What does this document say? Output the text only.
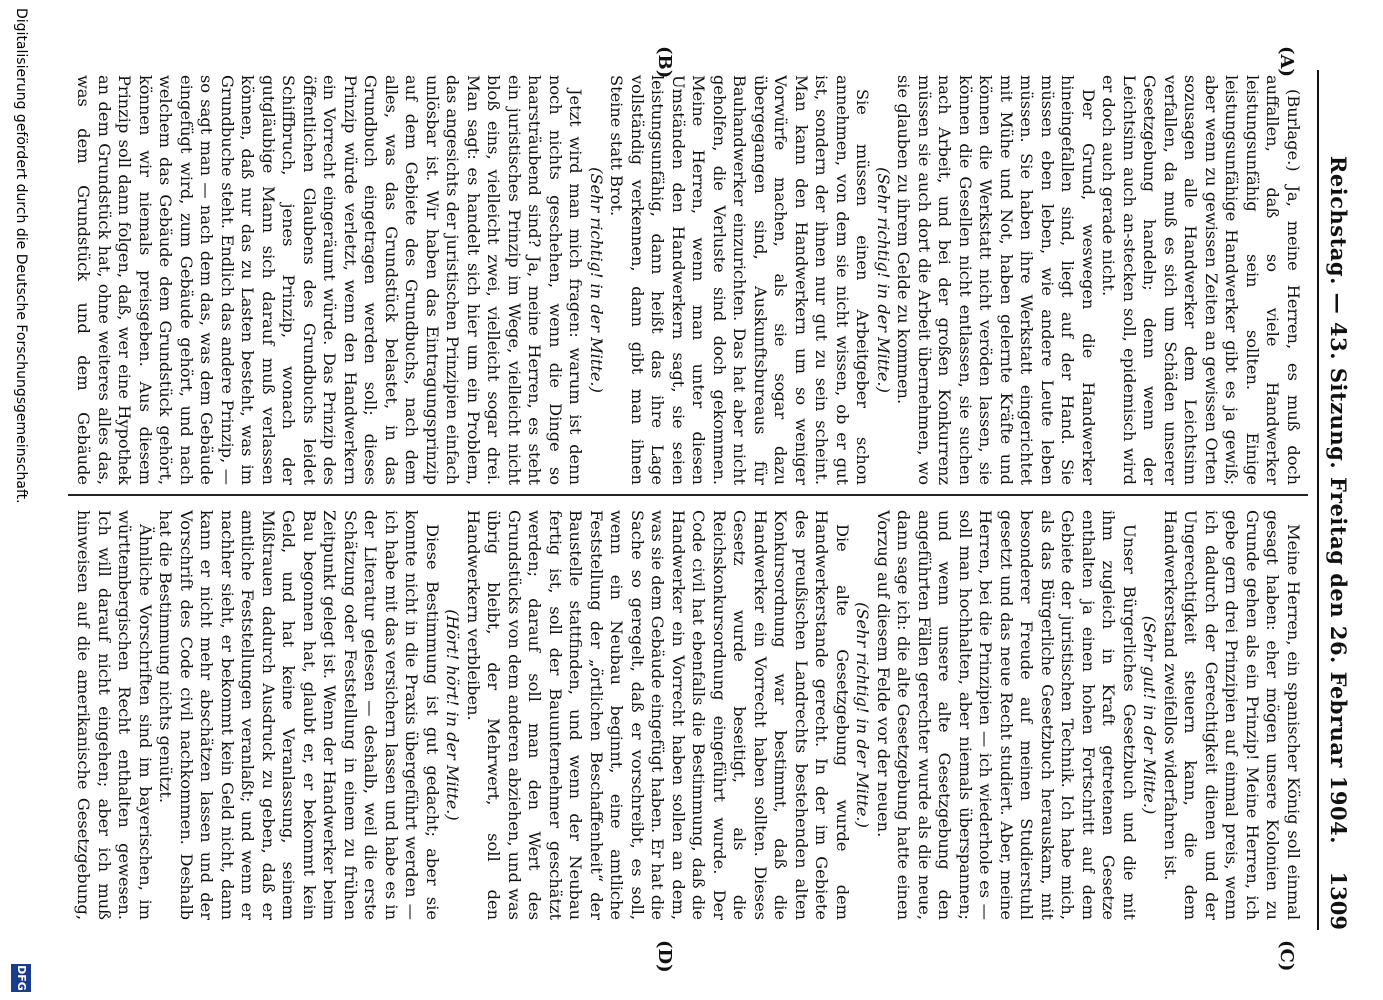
Reichstag. — 43. Sitzung. Freitag den 26. Februar 1904.
1309
(A)
(B)
(C)
(D)

(Burlage.) Ja, meine Herren, es muß doch auffallen, daß so viele Handwerker leistungsunfähig sein sollten. Einige leistungsunfähige Handwerker gibt es ja gewiß; aber wenn zu gewissen Zeiten an gewissen Orten sozusagen alle Handwerker dem Leichtsinn verfallen, da muß es sich um Schäden unserer Gesetzgebung handeln; denn wenn der Leichtsinn auch an-stecken soll, epidemisch wird er doch auch gerade nicht.

Der Grund, weswegen die Handwerker hineingefallen sind, liegt auf der Hand. Sie müssen eben leben, wie andere Leute leben müssen. Sie haben ihre Werkstatt eingerichtet mit Mühe und Not, haben gelernte Kräfte und können die Werkstatt nicht veröden lassen, sie können die Gesellen nicht entlassen, sie suchen nach Arbeit, und bei der großen Konkurrenz müssen sie auch dort die Arbeit übernehmen, wo sie glauben zu ihrem Gelde zu kommen.

(Sehr richtig! in der Mitte.)

Sie müssen einen Arbeitgeber schon annehmen, von dem sie nicht wissen, ob er gut ist, sondern der ihnen nur gut zu sein scheint. Man kann den Handwerkern um so weniger Vorwürfe machen, als sie sogar dazu übergegangen sind, Auskunftsbureaus für Bauhandwerker einzurichten. Das hat aber nicht geholfen, die Verluste sind doch gekommen. Meine Herren, wenn man unter diesen Umständen den Handwerkern sagt, sie seien leistungsunfähig, dann heißt das ihre Lage vollständig verkennen, dann gibt man ihnen Steine statt Brot.

(Sehr richtig! in der Mitte.)

Jetzt wird man mich fragen: warum ist denn noch nichts geschehen, wenn die Dinge so haarsträubend sind? Ja, meine Herren, es steht ein juristisches Prinzip im Wege, vielleicht nicht bloß eins, vielleicht zwei, vielleicht sogar drei. Man sagt: es handelt sich hier um ein Problem, das angesichts der juristischen Prinzipien einfach unlösbar ist. Wir haben das Eintragungsprinzip auf dem Gebiete des Grundbuchs, nach dem alles, was das Grundstück belastet, in das Grundbuch eingetragen werden soll; dieses Prinzip würde verletzt, wenn den Handwerkern ein Vorrecht eingeräumt würde. Das Prinzip des öffentlichen Glaubens des Grundbuchs leidet Schiffbruch, jenes Prinzip, wonach der gutgläubige Mann sich darauf muß verlassen können, daß nur das zu Lasten besteht, was im Grundbuche steht. Endlich das andere Prinzip, — so sagt man — nach dem das, was dem Gebäude eingefügt wird, zum Gebäude gehört, und nach welchem das Gebäude dem Grundstück gehört, können wir niemals preisgeben. Aus diesem Prinzip soll dann folgen, daß, wer eine Hypothek an dem Grundstück hat, ohne weiteres alles das, was dem Grundstück und dem Gebäude

Meine Herren, ein spanischer König soll einmal gesagt haben: eher mögen unsere Kolonien zu Grunde gehen als ein Prinzip! Meine Herren, ich gebe gern drei Prinzipien auf einmal preis, wenn ich dadurch der Gerechtigkeit dienen und der Ungerechtigkeit steuern kann, die dem Handwerkerstand zweifellos widerfahren ist.

(Sehr gut! in der Mitte.)

Unser Bürgerliches Gesetzbuch und die mit ihm zugleich in Kraft getretenen Gesetze enthalten ja einen hohen Fortschritt auf dem Gebiete der juristischen Technik. Ich habe mich, als das Bürgerliche Gesetzbuch herauskam, mit besonderer Freude auf meinen Studierstuhl gesetzt und das neue Recht studiert. Aber, meine Herren, bei die Prinzipien — ich wiederhole es — soll man hochhalten, aber niemals überspannen; und wenn unsere alte Gesetzgebung den angeführten Fällen gerechter wurde als die neue, dann sage ich: die alte Gesetzgebung hatte einen Vorzug auf diesem Felde vor der neuen.

(Sehr richtig! in der Mitte.)

Die alte Gesetzgebung wurde dem Handwerkerstande gerecht. In der im Gebiete des preußischen Landrechts bestehenden alten Konkursordnung war bestimmt, daß die Handwerker ein Vorrecht haben sollten. Dieses Gesetz wurde beseitigt, als die Reichskonkursordnung eingeführt wurde. Der Code civil hat ebenfalls die Bestimmung, daß die Handwerker ein Vorrecht haben sollen an dem, was sie dem Gebäude eingefügt haben. Er hat die Sache so geregelt, daß er vorschreibt, es soll, wenn ein Neubau beginnt, eine amtliche Feststellung der „örtlichen Beschaffenheit“ der Baustelle stattfinden, und wenn der Neubau fertig ist, soll der Bauunternehmer geschätzt werden; darauf soll man den Wert des Grundstücks von dem anderen abziehen, und was übrig bleibt, der Mehrwert, soll den Handwerkern verbleiben.

(Hört! hört! in der Mitte.)

Diese Bestimmung ist gut gedacht; aber sie konnte nicht in die Praxis übergeführt werden — ich habe mit das versichern lassen und habe es in der Literatur gelesen — deshalb, weil die erste Schätzung oder Feststellung in einem zu frühen Zeitpunkt gelegt ist. Wenn der Handwerker beim Bau begonnen hat, glaubt er, er bekommt kein Geld, und hat keine Veranlassung, seinem Mißtrauen dadurch Ausdruck zu geben, daß er amtliche Feststellungen veranlaßt; und wenn er nachher sieht, er bekommt kein Geld nicht, dann kann er nicht mehr abschätzen lassen und der Vorschrift des Code civil nachkommen. Deshalb hat die Bestimmung nichts genützt.

Ähnliche Vorschriften sind im bayerischen, im württembergischen Recht enthalten gewesen. Ich will darauf nicht eingehen; aber ich muß hinweisen auf die amerikanische Gesetzgebung,

Digitalisierung gefördert durch die Deutsche Forschungsgemeinschaft.
DFG
